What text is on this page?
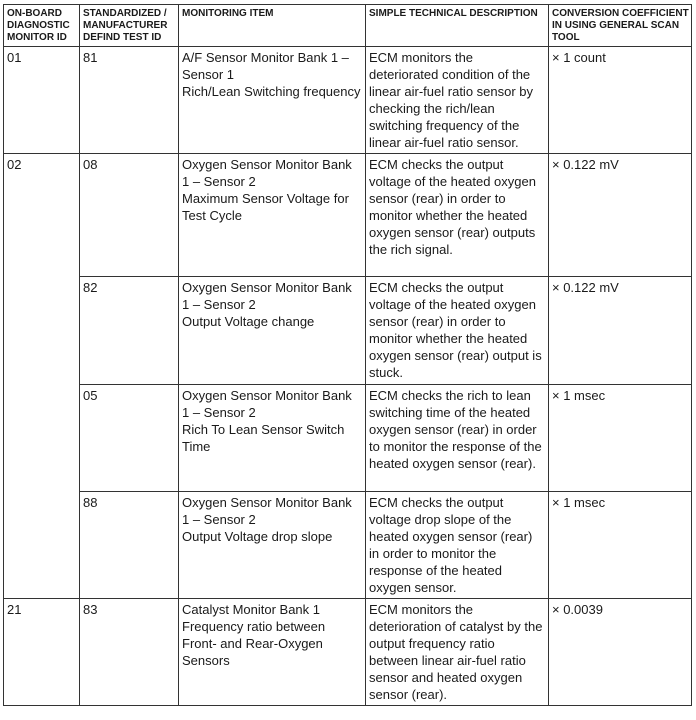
ON-BOARD DIAGNOSTIC MONITOR ID	STANDARDIZED / MANUFACTURER DEFIND TEST ID	MONITORING ITEM	SIMPLE TECHNICAL DESCRIPTION	CONVERSION COEFFICIENT IN USING GENERAL SCAN TOOL

01	81	A/F Sensor Monitor Bank 1 – Sensor 1
Rich/Lean Switching frequency	ECM monitors the deteriorated condition of the linear air-fuel ratio sensor by checking the rich/lean switching frequency of the linear air-fuel ratio sensor.	× 1 count

02	08	Oxygen Sensor Monitor Bank 1 – Sensor 2
Maximum Sensor Voltage for Test Cycle	ECM checks the output voltage of the heated oxygen sensor (rear) in order to monitor whether the heated oxygen sensor (rear) outputs the rich signal.	× 0.122 mV

	82	Oxygen Sensor Monitor Bank 1 – Sensor 2
Output Voltage change	ECM checks the output voltage of the heated oxygen sensor (rear) in order to monitor whether the heated oxygen sensor (rear) output is stuck.	× 0.122 mV

	05	Oxygen Sensor Monitor Bank 1 – Sensor 2
Rich To Lean Sensor Switch Time	ECM checks the rich to lean switching time of the heated oxygen sensor (rear) in order to monitor the response of the heated oxygen sensor (rear).	× 1 msec

	88	Oxygen Sensor Monitor Bank 1 – Sensor 2
Output Voltage drop slope	ECM checks the output voltage drop slope of the heated oxygen sensor (rear) in order to monitor the response of the heated oxygen sensor.	× 1 msec

21	83	Catalyst Monitor Bank 1
Frequency ratio between Front- and Rear-Oxygen Sensors	ECM monitors the deterioration of catalyst by the output frequency ratio between linear air-fuel ratio sensor and heated oxygen sensor (rear).	× 0.0039
